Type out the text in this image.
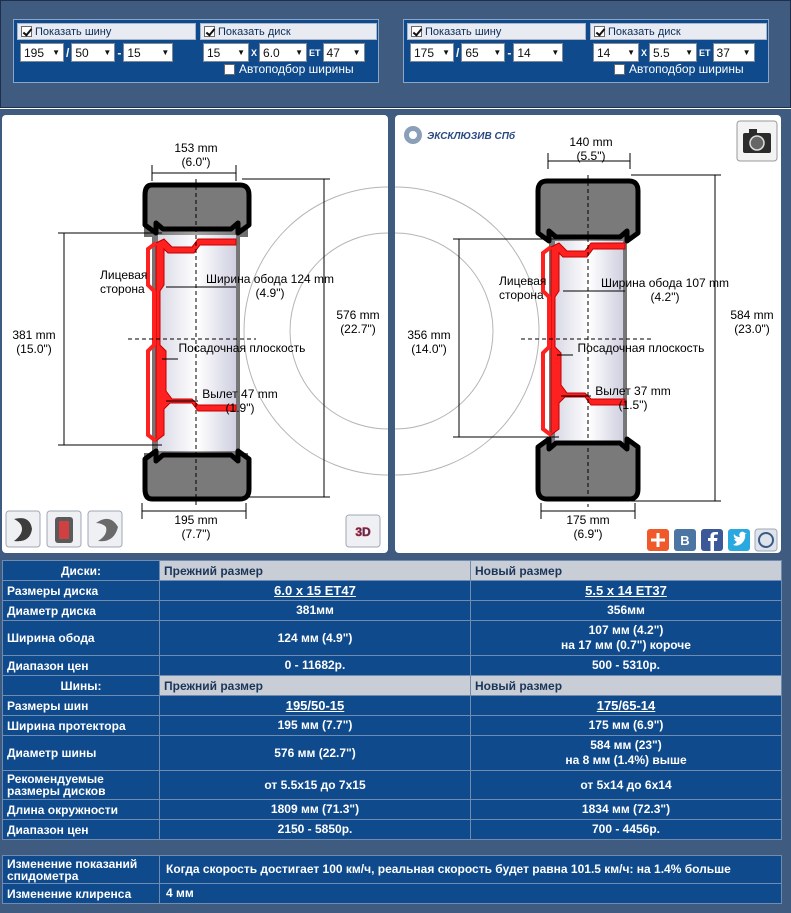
Показать шину
195 ▼ / 50 ▼ - 15	▼
Показать диск
15 ▼ X 6.0 ▼ ET 47 ▼
Автоподбор ширины
Показать шину
175 ▼ / 65 ▼ - 14	▼
Показать диск
14 ▼ X 5.5 ▼ ET 37 ▼
Автоподбор ширины
153 mm
(6.0")
381 mm
(15.0")
576 mm
(22.7")
Лицевая
сторона
Ширина обода 124 mm
(4.9")
Посадочная плоскость
Вылет 47 mm
(1.9")
195 mm
(7.7")	3D
ЭКСКЛЮЗИВ СПб	140 mm
(5.5")
356 mm
(14.0")
584 mm
(23.0")
Лицевая
сторона
Ширина обода 107 mm
(4.2")
Посадочная плоскость
Вылет 37 mm
(1.5")
175 mm
(6.9")	B
Диски:	Прежний размер	Новый размер
Размеры диска	6.0 x 15 ET47	5.5 x 14 ET37
Диаметр диска	381мм	356мм
Ширина обода	124 мм (4.9")	107 мм (4.2")
на 17 мм (0.7") короче

Диапазон цен	0 - 11682р.	500 - 5310р.
Шины:	Прежний размер	Новый размер
Размеры шин	195/50-15	175/65-14
Ширина протектора	195 мм (7.7")	175 мм (6.9")
Диаметр шины	576 мм (22.7")	584 мм (23")
на 8 мм (1.4%) выше

Рекомендуемые размеры дисков	от 5.5x15 до 7x15	от 5x14 до 6x14
Длина окружности	1809 мм (71.3")	1834 мм (72.3")
Диапазон цен	2150 - 5850р.	700 - 4456р.
Изменение показаний спидометра	Когда скорость достигает 100 км/ч, реальная скорость будет равна 101.5 км/ч: на 1.4% больше
Изменение клиренса	4 мм
